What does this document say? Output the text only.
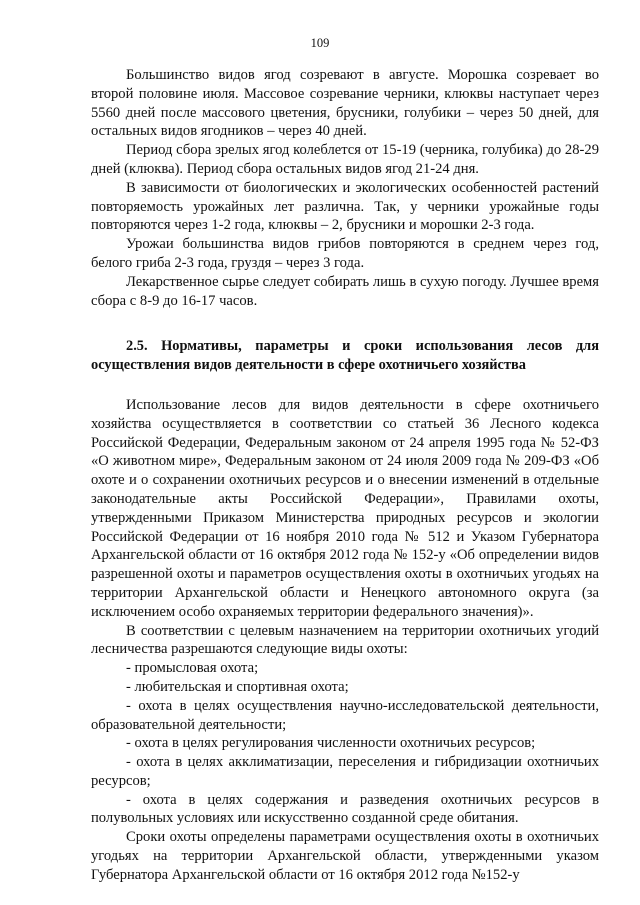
109

Большинство видов ягод созревают в августе. Морошка созревает во второй половине июля. Массовое созревание черники, клюквы наступает через 5560 дней после массового цветения, брусники, голубики – через 50 дней, для остальных видов ягодников – через 40 дней.

Период сбора зрелых ягод колеблется от 15-19 (черника, голубика) до 28-29 дней (клюква). Период сбора остальных видов ягод 21-24 дня.

В зависимости от биологических и экологических особенностей растений повторяемость урожайных лет различна. Так, у черники урожайные годы повторяются через 1-2 года, клюквы – 2, брусники и морошки 2-3 года.

Урожаи большинства видов грибов повторяются в среднем через год, белого гриба 2-3 года, груздя – через 3 года.

Лекарственное сырье следует собирать лишь в сухую погоду. Лучшее время сбора с 8-9 до 16-17 часов.

2.5. Нормативы, параметры и сроки использования лесов для осуществления видов деятельности в сфере охотничьего хозяйства

Использование лесов для видов деятельности в сфере охотничьего хозяйства осуществляется в соответствии со статьей 36 Лесного кодекса Российской Федерации, Федеральным законом от 24 апреля 1995 года № 52-ФЗ «О животном мире», Федеральным законом от 24 июля 2009 года № 209-ФЗ «Об охоте и о сохранении охотничьих ресурсов и о внесении изменений в отдельные законодательные акты Российской Федерации», Правилами охоты, утвержденными Приказом Министерства природных ресурсов и экологии Российской Федерации от 16 ноября 2010 года № 512 и Указом Губернатора Архангельской области от 16 октября 2012 года № 152-у «Об определении видов разрешенной охоты и параметров осуществления охоты в охотничьих угодьях на территории Архангельской области и Ненецкого автономного округа (за исключением особо охраняемых территории федерального значения)».

В соответствии с целевым назначением на территории охотничьих угодий лесничества разрешаются следующие виды охоты:

- промысловая охота;

- любительская и спортивная охота;

- охота в целях осуществления научно-исследовательской деятельности, образовательной деятельности;

- охота в целях регулирования численности охотничьих ресурсов;

- охота в целях акклиматизации, переселения и гибридизации охотничьих ресурсов;

- охота в целях содержания и разведения охотничьих ресурсов в полувольных условиях или искусственно созданной среде обитания.

Сроки охоты определены параметрами осуществления охоты в охотничьих угодьях на территории Архангельской области, утвержденными указом Губернатора Архангельской области от 16 октября 2012 года №152-у
